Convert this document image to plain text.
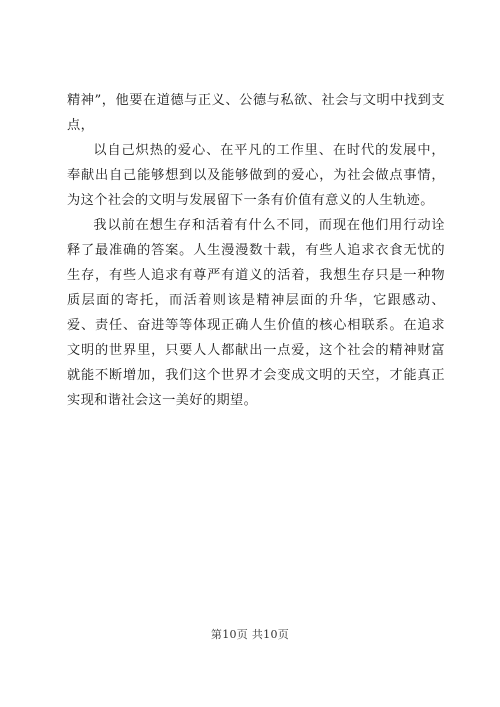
精神”，他要在道德与正义、公德与私欲、社会与文明中找到支点，

以自己炽热的爱心、在平凡的工作里、在时代的发展中，奉献出自己能够想到以及能够做到的爱心，为社会做点事情，为这个社会的文明与发展留下一条有价值有意义的人生轨迹。

我以前在想生存和活着有什么不同，而现在他们用行动诠释了最准确的答案。人生漫漫数十载，有些人追求衣食无忧的生存，有些人追求有尊严有道义的活着，我想生存只是一种物质层面的寄托，而活着则该是精神层面的升华，它跟感动、爱、责任、奋进等等体现正确人生价值的核心相联系。在追求文明的世界里，只要人人都献出一点爱，这个社会的精神财富就能不断增加，我们这个世界才会变成文明的天空，才能真正实现和谐社会这一美好的期望。

第10页 共10页
